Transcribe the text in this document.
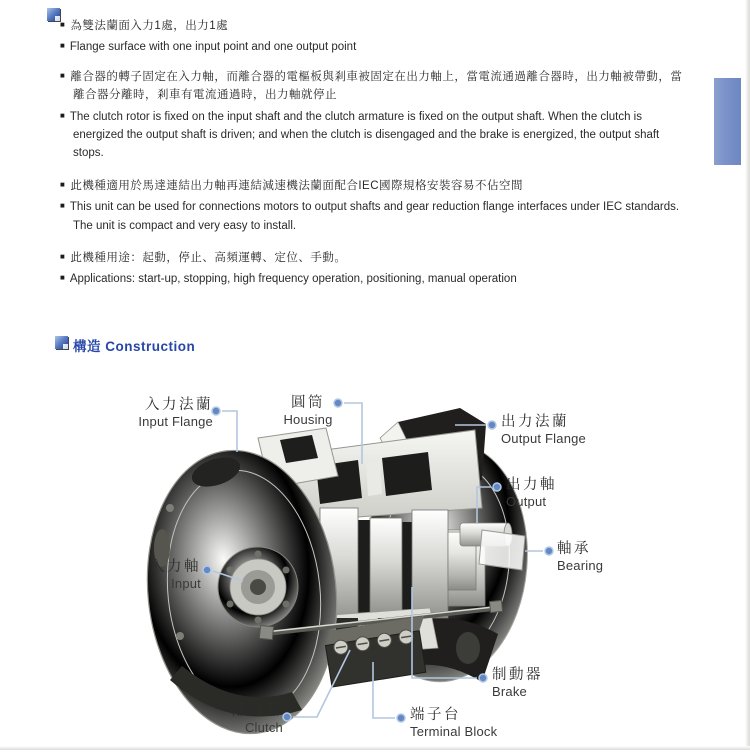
■ 為雙法蘭面入力1處，出力1處
■ Flange surface with one input point and one output point
■ 離合器的轉子固定在入力軸，而離合器的電樞板與剎車被固定在出力軸上，當電流通過離合器時，出力軸被帶動，當離合器分離時，剎車有電流通過時，出力軸就停止
■ The clutch rotor is fixed on the input shaft and the clutch armature is fixed on the output shaft. When the clutch is energized the output shaft is driven; and when the clutch is disengaged and the brake is energized, the output shaft stops.
■ 此機種適用於馬達連結出力軸再連結減速機法蘭面配合IEC國際規格安裝容易不佔空間
■ This unit can be used for connections motors to output shafts and gear reduction flange interfaces under IEC standards. The unit is compact and very easy to install.
■ 此機種用途：起動，停止、高頻運轉、定位、手動。
■ Applications: start-up, stopping, high frequency operation, positioning, manual operation
構造 Construction
入力法蘭
Input Flange
圓筒
Housing	出力法蘭
Output Flange
出力軸
Output
軸承
Bearing
入力軸
Input
制動器
Brake
離合器
Clutch
端子台
Terminal Block
